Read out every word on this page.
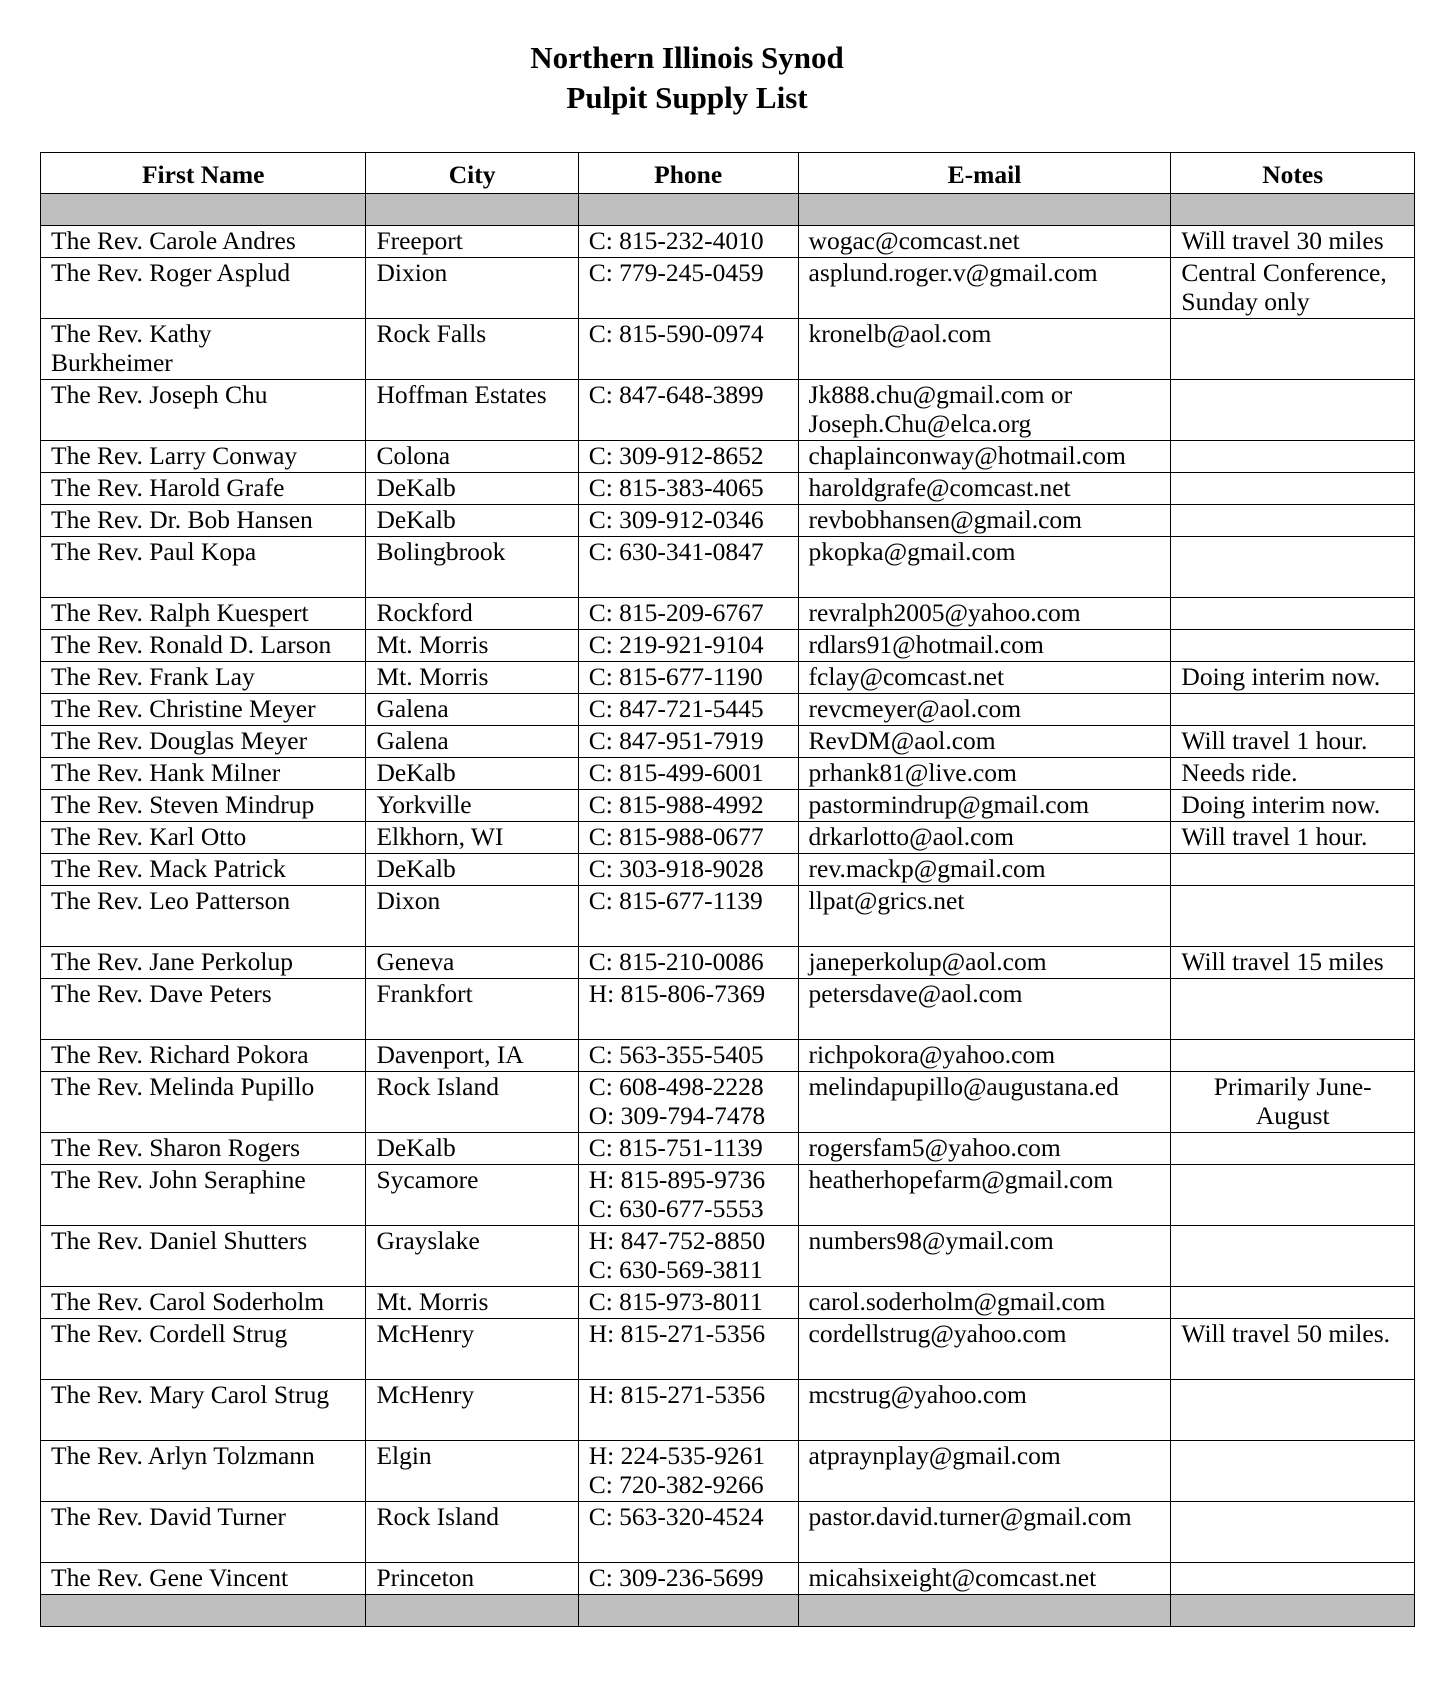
Northern Illinois Synod
Pulpit Supply List
First Name	City	Phone	E-mail	Notes

The Rev. Carole Andres	Freeport	C: 815-232-4010	wogac@comcast.net	Will travel 30 miles

The Rev. Roger Asplud	Dixion	C: 779-245-0459	asplund.roger.v@gmail.com	Central Conference,
Sunday only

The Rev. Kathy
Burkheimer	Rock Falls	C: 815-590-0974	kronelb@aol.com	

The Rev. Joseph Chu	Hoffman Estates	C: 847-648-3899	Jk888.chu@gmail.com or
Joseph.Chu@elca.org	

The Rev. Larry Conway	Colona	C: 309-912-8652	chaplainconway@hotmail.com	

The Rev. Harold Grafe	DeKalb	C: 815-383-4065	haroldgrafe@comcast.net	

The Rev. Dr. Bob Hansen	DeKalb	C: 309-912-0346	revbobhansen@gmail.com	

The Rev. Paul Kopa	Bolingbrook	C: 630-341-0847	pkopka@gmail.com	

The Rev. Ralph Kuespert	Rockford	C: 815-209-6767	revralph2005@yahoo.com	

The Rev. Ronald D. Larson	Mt. Morris	C: 219-921-9104	rdlars91@hotmail.com	

The Rev. Frank Lay	Mt. Morris	C: 815-677-1190	fclay@comcast.net	Doing interim now.

The Rev. Christine Meyer	Galena	C: 847-721-5445	revcmeyer@aol.com	

The Rev. Douglas Meyer	Galena	C: 847-951-7919	RevDM@aol.com	Will travel 1 hour.

The Rev. Hank Milner	DeKalb	C: 815-499-6001	prhank81@live.com	Needs ride.

The Rev. Steven Mindrup	Yorkville	C: 815-988-4992	pastormindrup@gmail.com	Doing interim now.

The Rev. Karl Otto	Elkhorn, WI	C: 815-988-0677	drkarlotto@aol.com	Will travel 1 hour.

The Rev. Mack Patrick	DeKalb	C: 303-918-9028	rev.mackp@gmail.com	

The Rev. Leo Patterson	Dixon	C: 815-677-1139	llpat@grics.net	

The Rev. Jane Perkolup	Geneva	C: 815-210-0086	janeperkolup@aol.com	Will travel 15 miles

The Rev. Dave Peters	Frankfort	H: 815-806-7369	petersdave@aol.com	

The Rev. Richard Pokora	Davenport, IA	C: 563-355-5405	richpokora@yahoo.com	

The Rev. Melinda Pupillo	Rock Island	C: 608-498-2228
O: 309-794-7478	melindapupillo@augustana.ed	Primarily June-
August

The Rev. Sharon Rogers	DeKalb	C: 815-751-1139	rogersfam5@yahoo.com	

The Rev. John Seraphine	Sycamore	H: 815-895-9736
C: 630-677-5553	heatherhopefarm@gmail.com	

The Rev. Daniel Shutters	Grayslake	H: 847-752-8850
C: 630-569-3811	numbers98@ymail.com	

The Rev. Carol Soderholm	Mt. Morris	C: 815-973-8011	carol.soderholm@gmail.com	

The Rev. Cordell Strug	McHenry	H: 815-271-5356	cordellstrug@yahoo.com	Will travel 50 miles.

The Rev. Mary Carol Strug	McHenry	H: 815-271-5356	mcstrug@yahoo.com	

The Rev. Arlyn Tolzmann	Elgin	H: 224-535-9261
C: 720-382-9266	atpraynplay@gmail.com	

The Rev. David Turner	Rock Island	C: 563-320-4524	pastor.david.turner@gmail.com	

The Rev. Gene Vincent	Princeton	C: 309-236-5699	micahsixeight@comcast.net	
